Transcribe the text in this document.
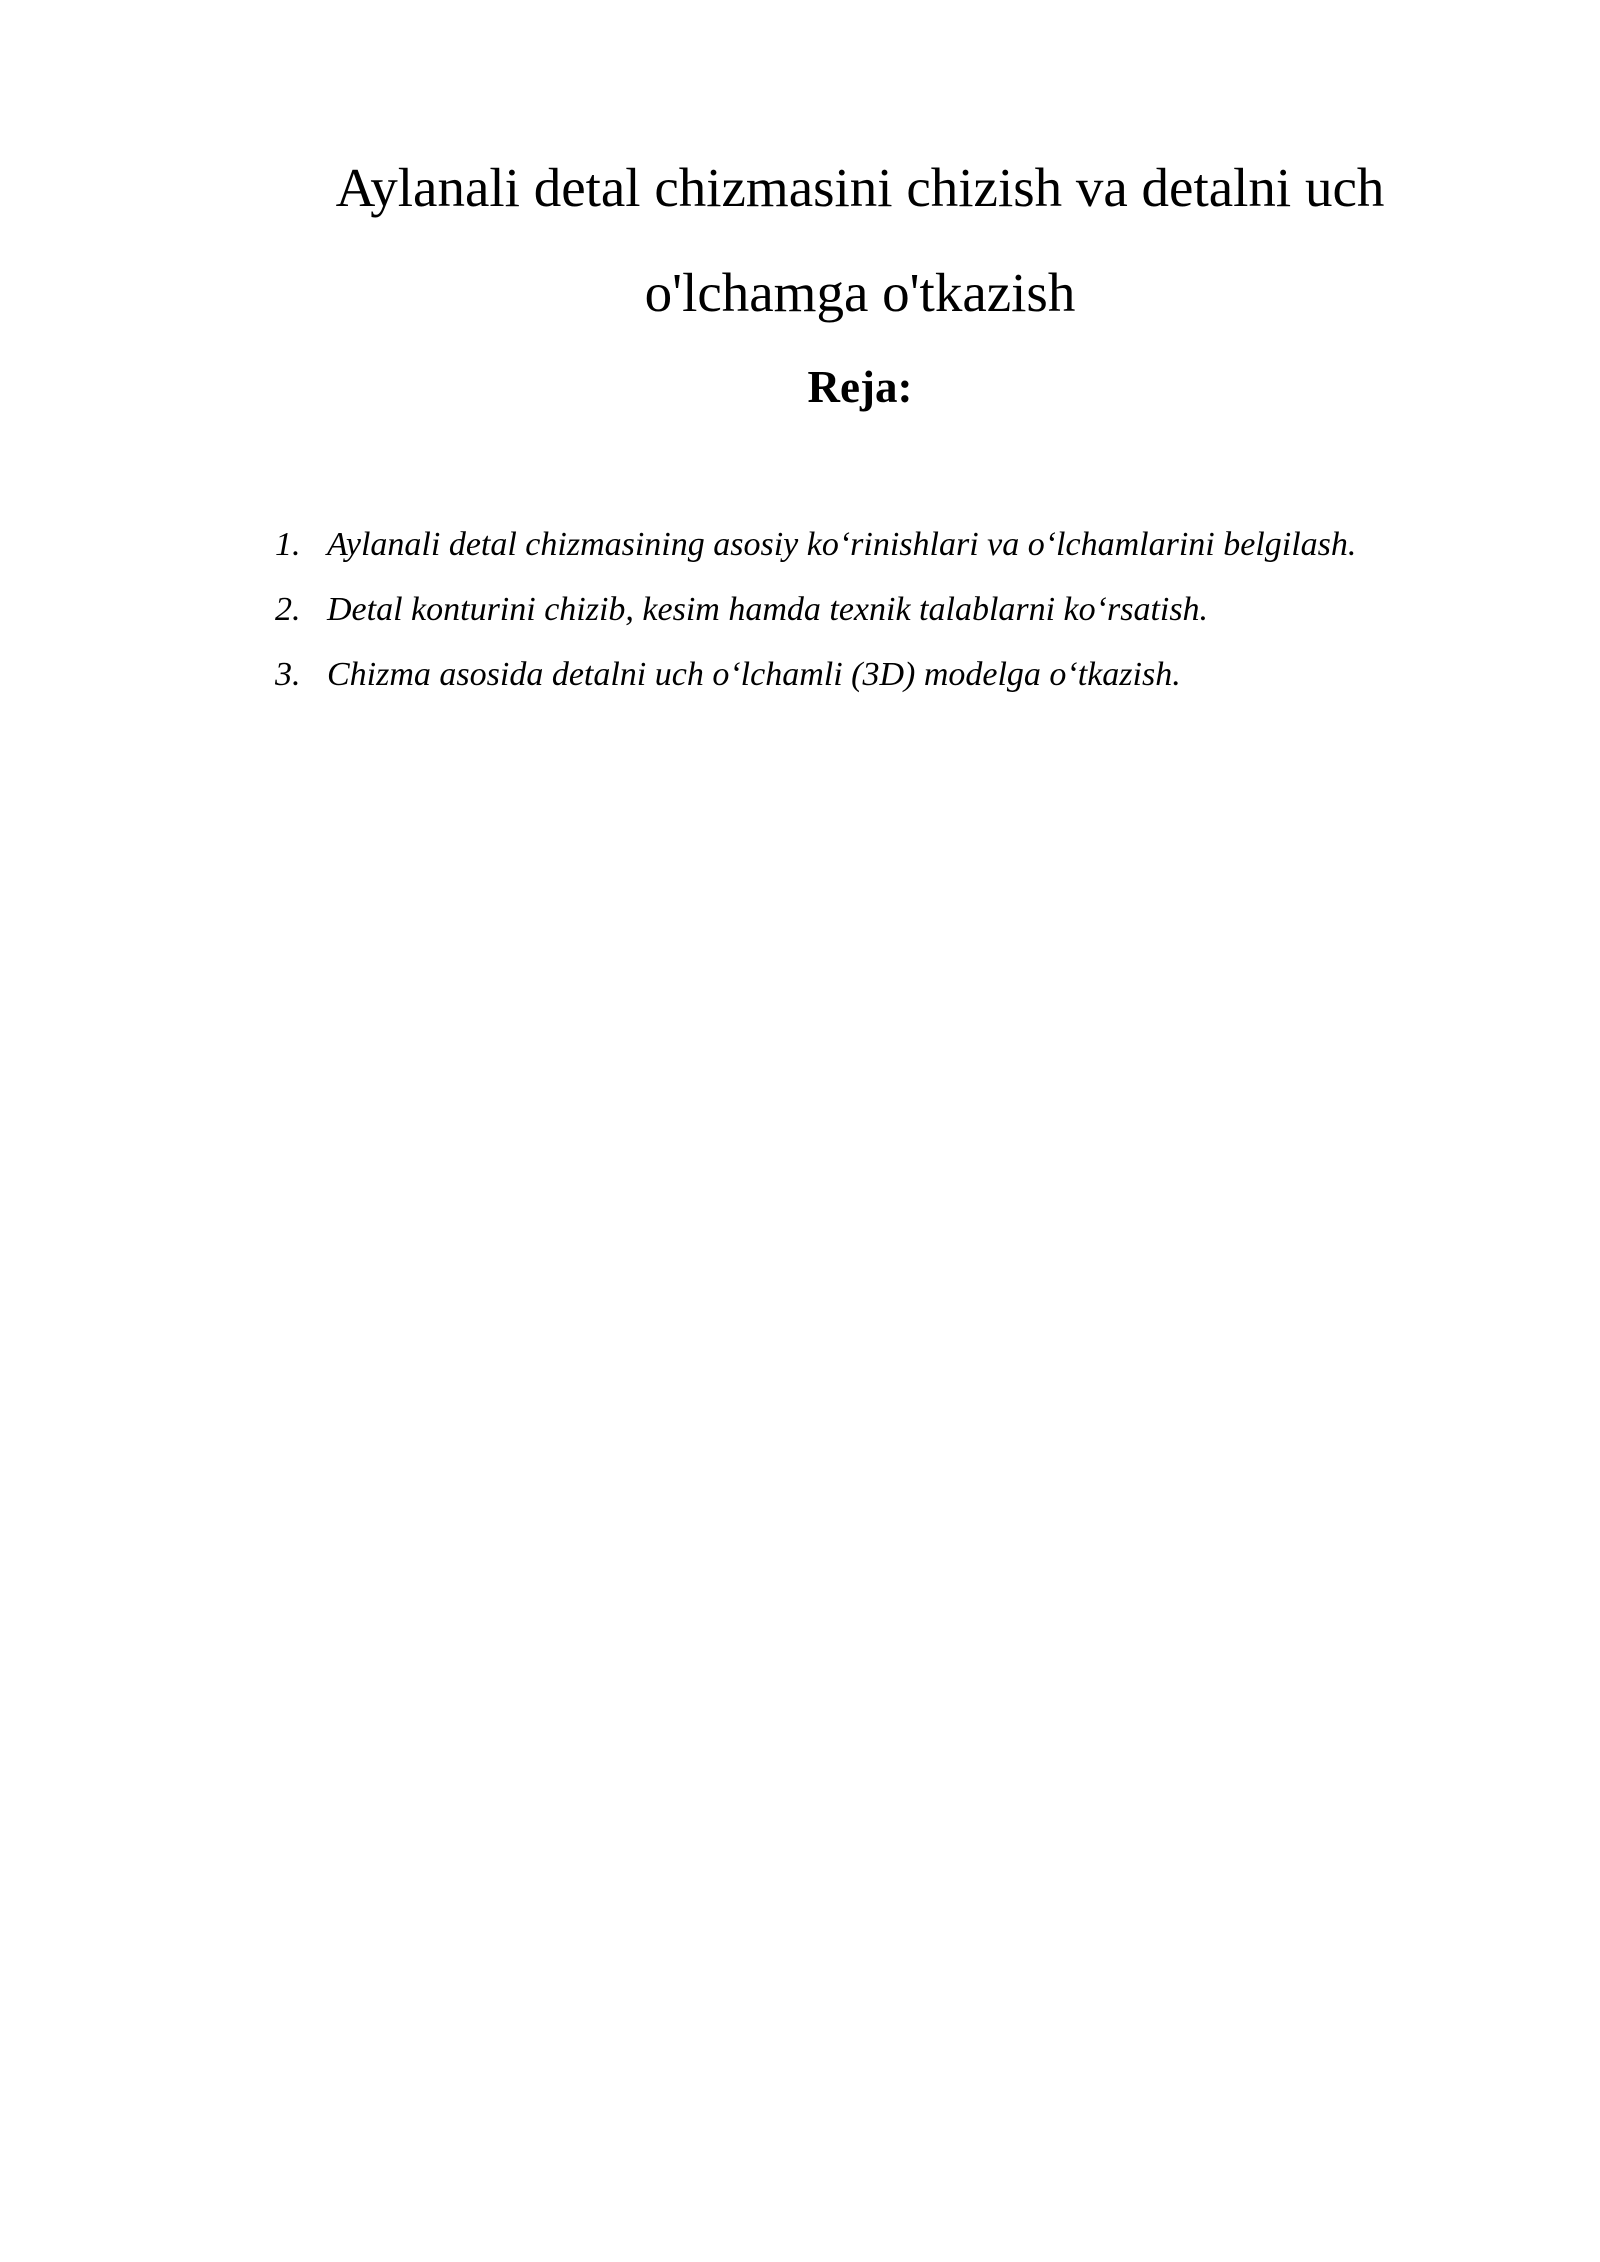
Aylanali detal chizmasini chizish va detalni uch
o'lchamga o'tkazish
Reja:
1. Aylanali detal chizmasining asosiy ko‘rinishlari va o‘lchamlarini belgilash.
2. Detal konturini chizib, kesim hamda texnik talablarni ko‘rsatish.
3. Chizma asosida detalni uch o‘lchamli (3D) modelga o‘tkazish.
